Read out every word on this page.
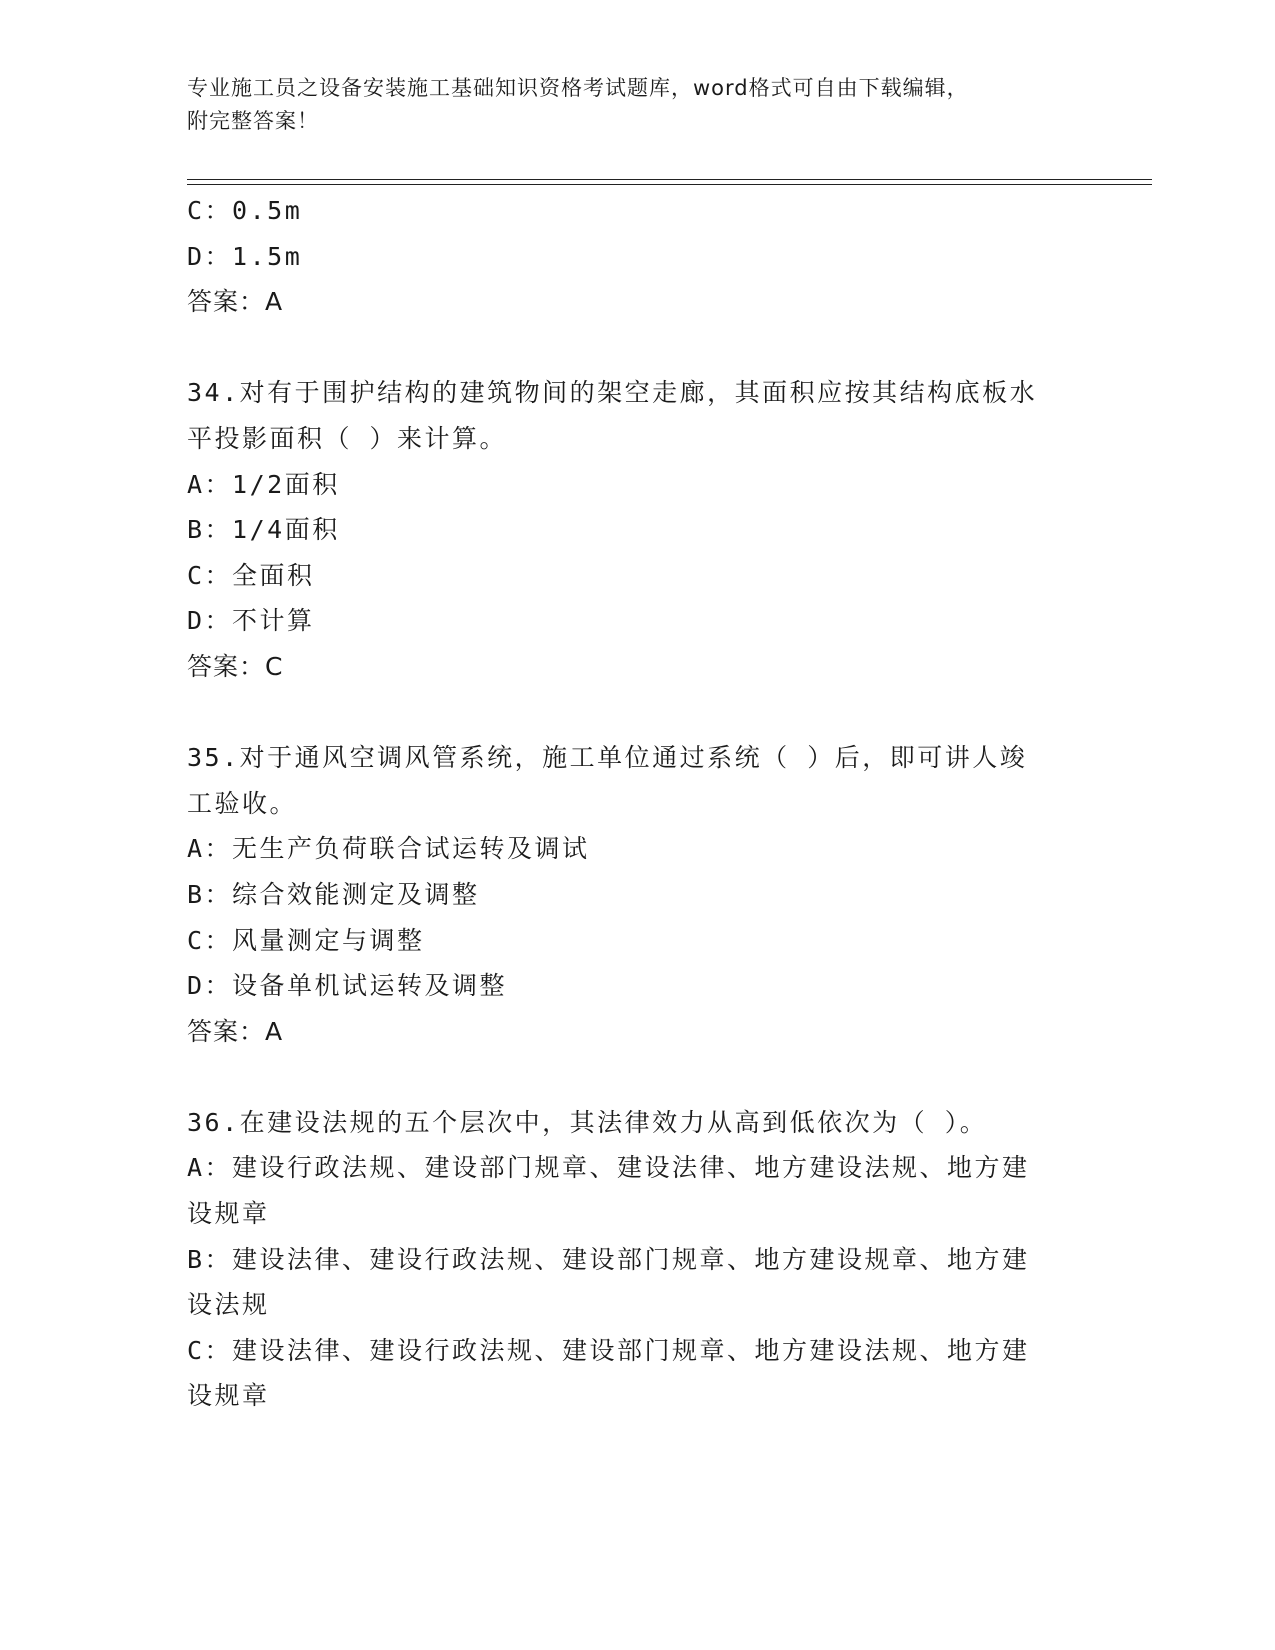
专业施工员之设备安装施工基础知识资格考试题库，word格式可自由下载编辑，
附完整答案！
C：0.5m
D：1.5m
答案：A
34.对有于围护结构的建筑物间的架空走廊，其面积应按其结构底板水
平投影面积（ ）来计算。
A：1/2面积
B：1/4面积
C：全面积
D：不计算
答案：C
35.对于通风空调风管系统，施工单位通过系统（ ）后，即可讲人竣
工验收。
A：无生产负荷联合试运转及调试
B：综合效能测定及调整
C：风量测定与调整
D：设备单机试运转及调整
答案：A
36.在建设法规的五个层次中，其法律效力从高到低依次为（ ）。
A：建设行政法规、建设部门规章、建设法律、地方建设法规、地方建
设规章
B：建设法律、建设行政法规、建设部门规章、地方建设规章、地方建
设法规
C：建设法律、建设行政法规、建设部门规章、地方建设法规、地方建
设规章
